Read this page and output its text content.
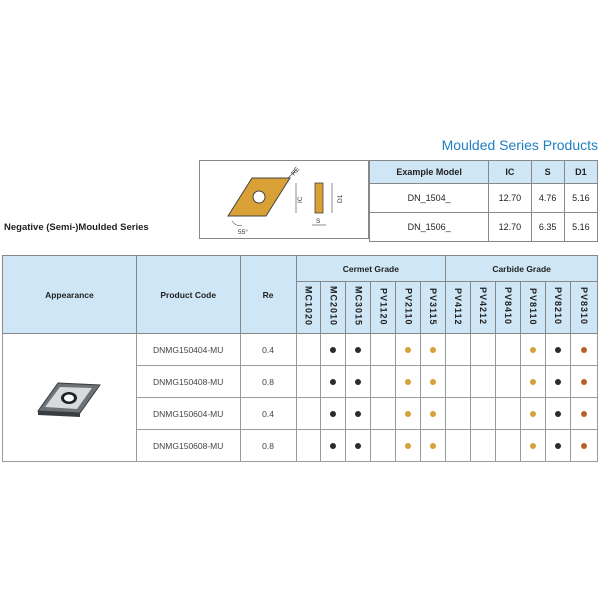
Moulded Series Products
RE
55°
IC	D1
S
Negative (Semi-)Moulded Series
Example Model	IC	S	D1
DN_1504_	12.70	4.76	5.16
DN_1506_	12.70	6.35	5.16
Appearance	Product Code	Re	Cermet Grade						Carbide Grade					
			MC1020	MC2010	MC3015	PV1120	PV2110	PV3115	PV4112	PV4212	PV8410	PV8110	PV8210	PV8310

	DNMG150404-MU	0.4												
	DNMG150408-MU	0.8												
	DNMG150604-MU	0.4												
	DNMG150608-MU	0.8												
